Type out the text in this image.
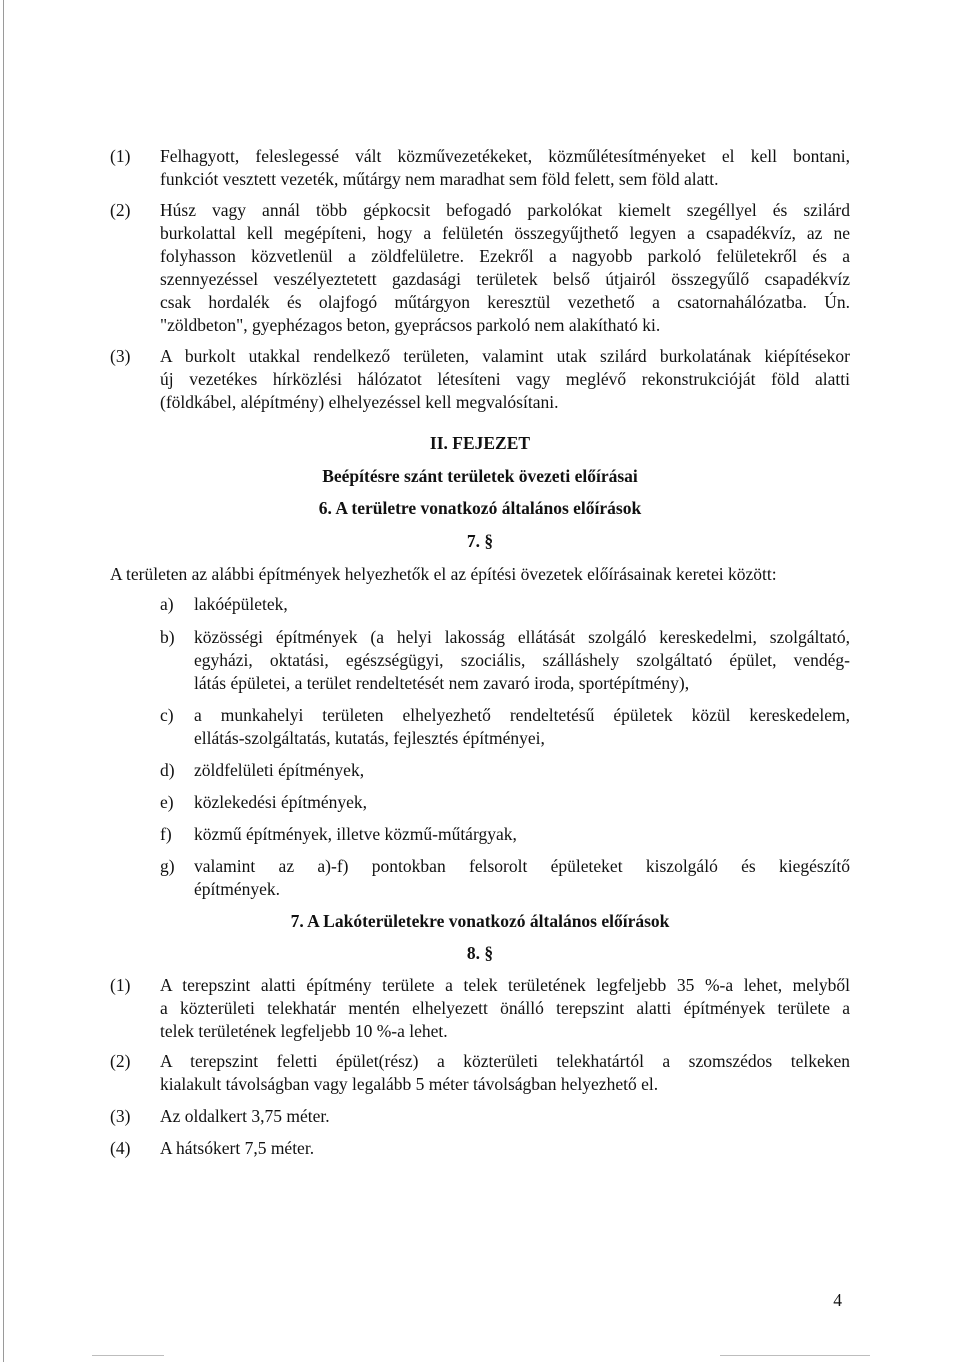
(1)	Felhagyott, feleslegessé vált közművezetékeket, közműlétesítményeket el kell bontani,
funkciót vesztett vezeték, műtárgy nem maradhat sem föld felett, sem föld alatt.
(2)	Húsz vagy annál több gépkocsit befogadó parkolókat kiemelt szegéllyel és szilárd
burkolattal kell megépíteni, hogy a felületén összegyűjthető legyen a csapadékvíz, az ne
folyhasson közvetlenül a zöldfelületre. Ezekről a nagyobb parkoló felületekről és a
szennyezéssel veszélyeztetett gazdasági területek belső útjairól összegyűlő csapadékvíz
csak hordalék és olajfogó műtárgyon keresztül vezethető a csatornahálózatba. Ún.
"zöldbeton", gyephézagos beton, gyeprácsos parkoló nem alakítható ki.
(3)	A burkolt utakkal rendelkező területen, valamint utak szilárd burkolatának kiépítésekor
új vezetékes hírközlési hálózatot létesíteni vagy meglévő rekonstrukcióját föld alatti
(földkábel, alépítmény) elhelyezéssel kell megvalósítani.
II. FEJEZET
Beépítésre szánt területek övezeti előírásai
6. A területre vonatkozó általános előírások
7. §
A területen az alábbi építmények helyezhetők el az építési övezetek előírásainak keretei között:
a)	lakóépületek,
b)	közösségi építmények (a helyi lakosság ellátását szolgáló kereskedelmi, szolgáltató,
egyházi, oktatási, egészségügyi, szociális, szálláshely szolgáltató épület, vendég-
látás épületei, a terület rendeltetését nem zavaró iroda, sportépítmény),
c)	a munkahelyi területen elhelyezhető rendeltetésű épületek közül kereskedelem,
ellátás-szolgáltatás, kutatás, fejlesztés építményei,
d)	zöldfelületi építmények,
e)	közlekedési építmények,
f)	közmű építmények, illetve közmű-műtárgyak,
g)	valamint az a)-f) pontokban felsorolt épületeket kiszolgáló és kiegészítő
építmények.
7. A Lakóterületekre vonatkozó általános előírások
8. §
(1)	A terepszint alatti építmény területe a telek területének legfeljebb 35 %-a lehet, melyből
a közterületi telekhatár mentén elhelyezett önálló terepszint alatti építmények területe a
telek területének legfeljebb 10 %-a lehet.
(2)	A terepszint feletti épület(rész) a közterületi telekhatártól a szomszédos telkeken
kialakult távolságban vagy legalább 5 méter távolságban helyezhető el.
(3)	Az oldalkert 3,75 méter.
(4)	A hátsókert 7,5 méter.
4
